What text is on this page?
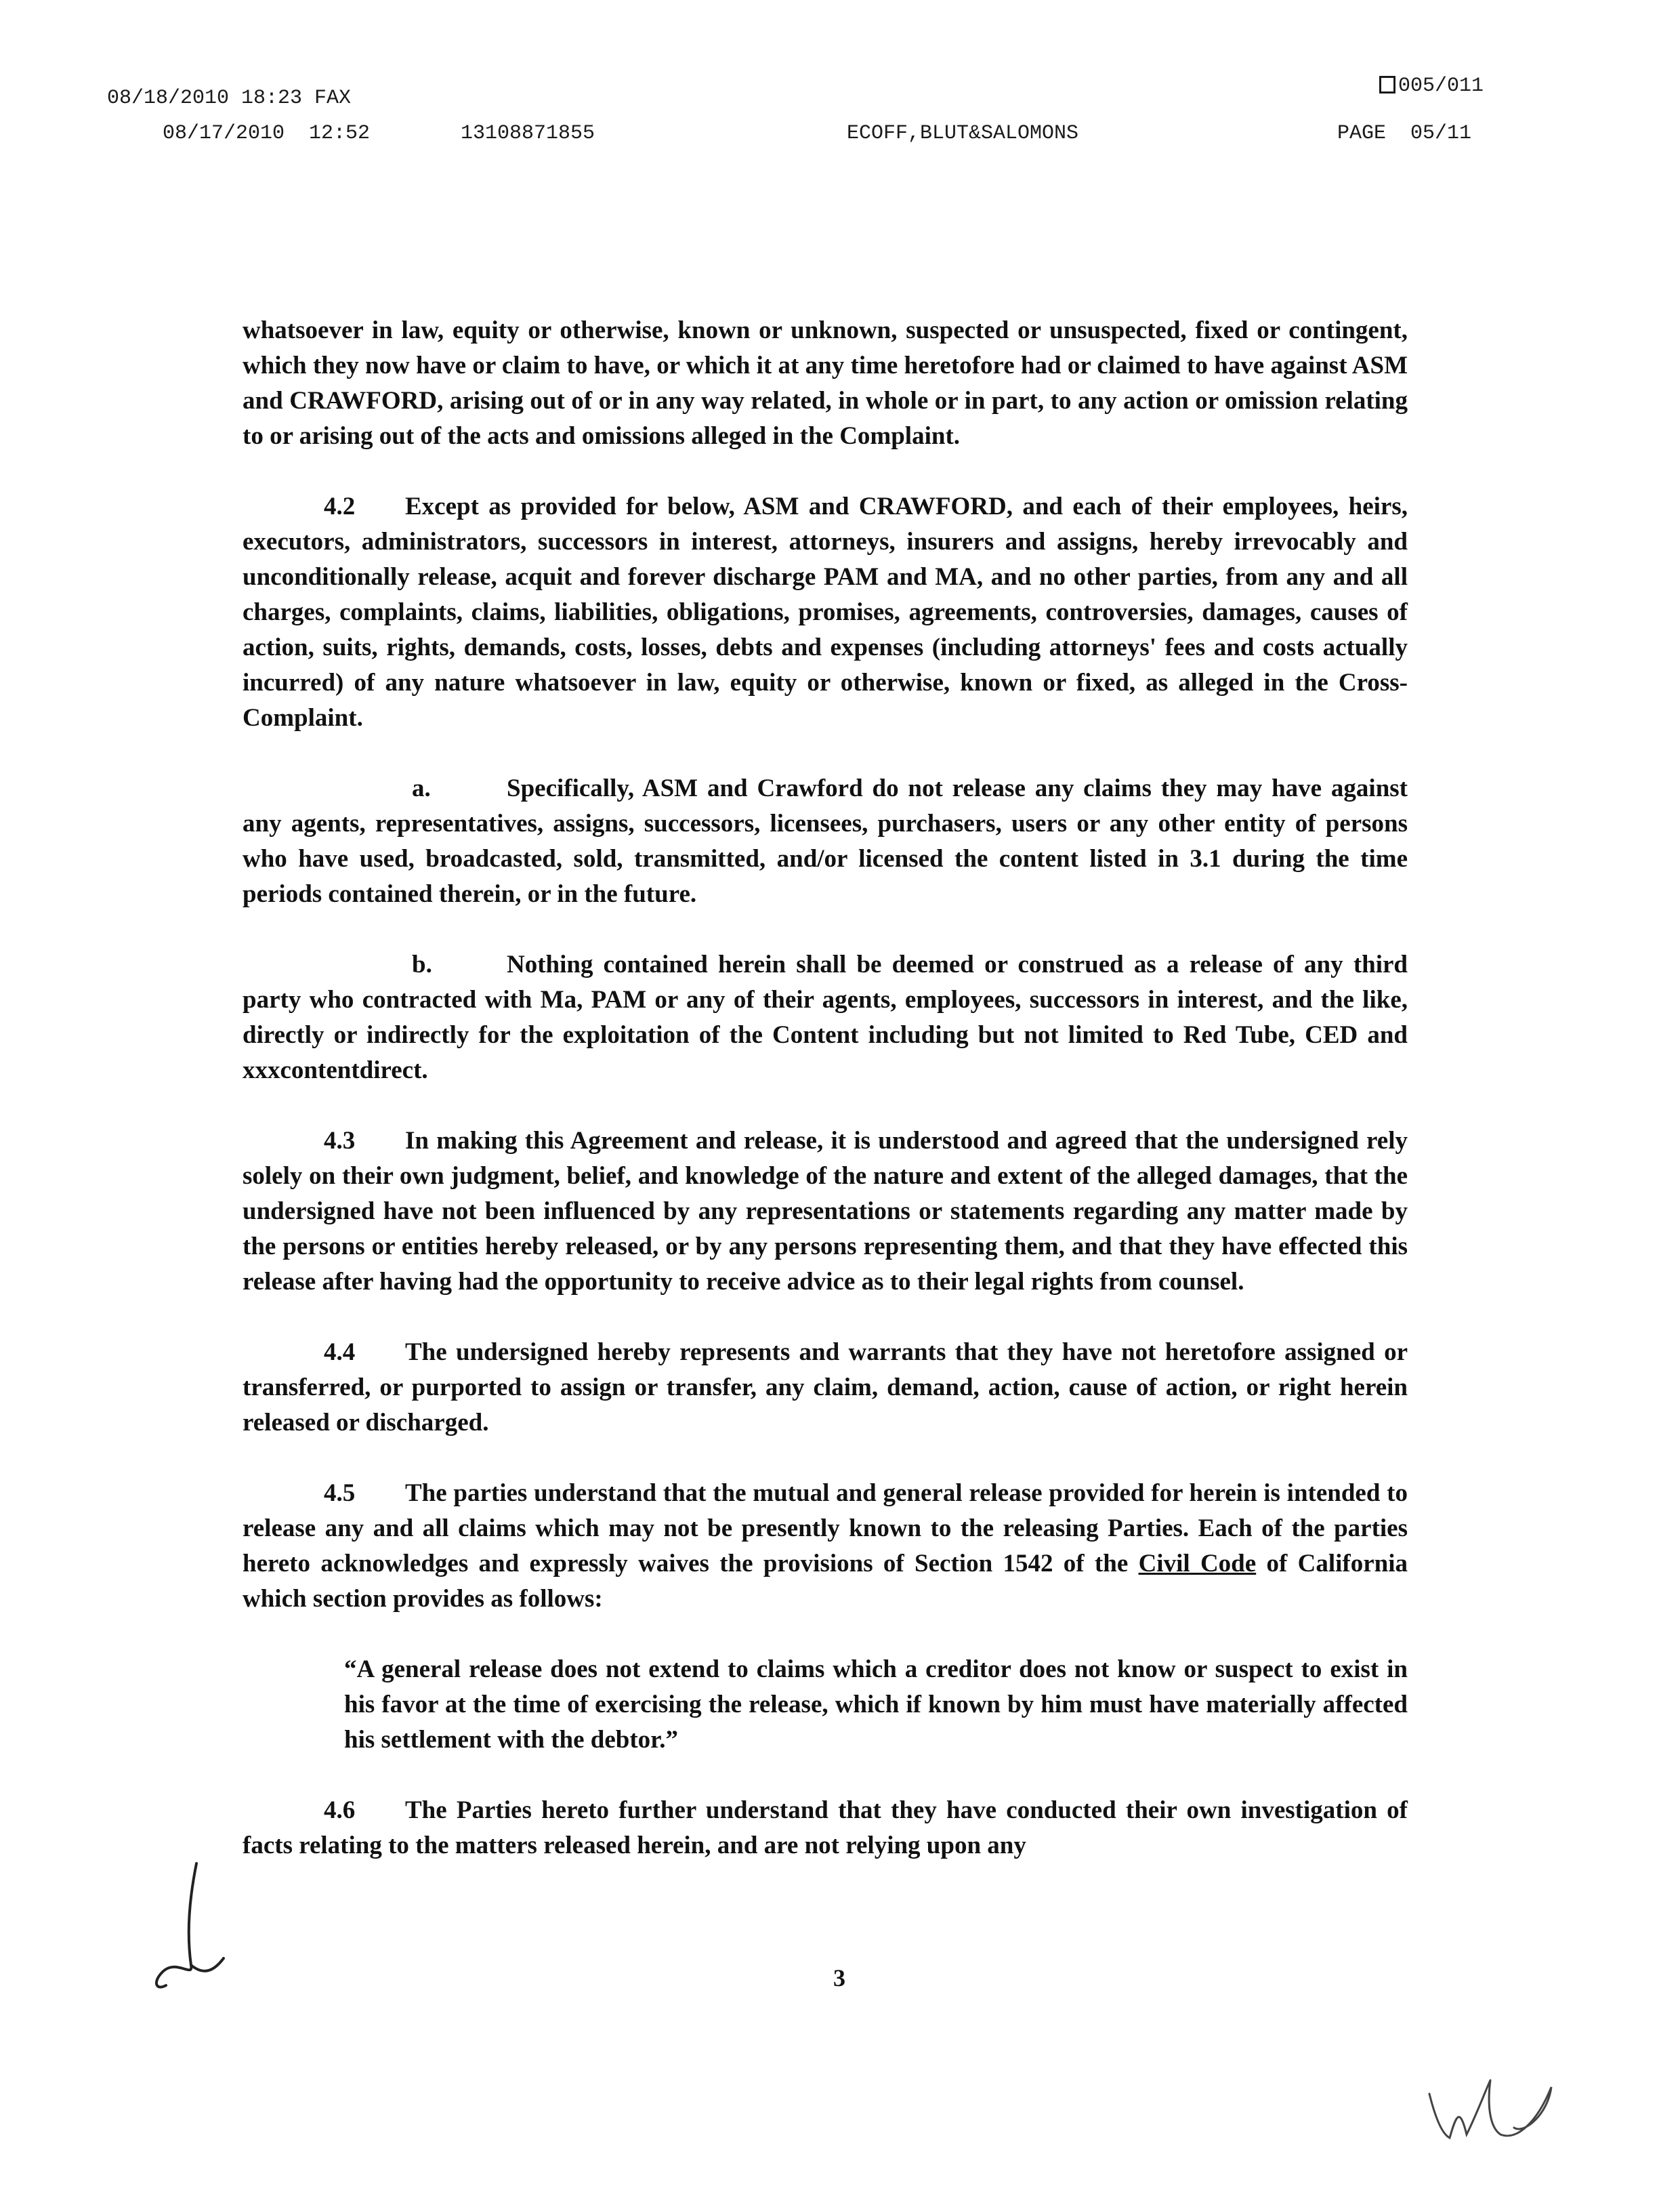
08/18/2010 18:23 FAX
005/011
08/17/2010  12:52	13108871855	ECOFF,BLUT&SALOMONS	PAGE  05/11

whatsoever in law, equity or otherwise, known or unknown, suspected or unsuspected, fixed or contingent, which they now have or claim to have, or which it at any time heretofore had or claimed to have against ASM and CRAWFORD, arising out of or in any way related, in whole or in part, to any action or omission relating to or arising out of the acts and omissions alleged in the Complaint.

4.2 Except as provided for below, ASM and CRAWFORD, and each of their employees, heirs, executors, administrators, successors in interest, attorneys, insurers and assigns, hereby irrevocably and unconditionally release, acquit and forever discharge PAM and MA, and no other parties, from any and all charges, complaints, claims, liabilities, obligations, promises, agreements, controversies, damages, causes of action, suits, rights, demands, costs, losses, debts and expenses (including attorneys' fees and costs actually incurred) of any nature whatsoever in law, equity or otherwise, known or fixed, as alleged in the Cross-Complaint.

a.	Specifically, ASM and Crawford do not release any claims they may have against any agents, representatives, assigns, successors, licensees, purchasers, users or any other entity of persons who have used, broadcasted, sold, transmitted, and/or licensed the content listed in 3.1 during the time periods contained therein, or in the future.

b.	Nothing contained herein shall be deemed or construed as a release of any third party who contracted with Ma, PAM or any of their agents, employees, successors in interest, and the like, directly or indirectly for the exploitation of the Content including but not limited to Red Tube, CED and xxxcontentdirect.

4.3 In making this Agreement and release, it is understood and agreed that the undersigned rely solely on their own judgment, belief, and knowledge of the nature and extent of the alleged damages, that the undersigned have not been influenced by any representations or statements regarding any matter made by the persons or entities hereby released, or by any persons representing them, and that they have effected this release after having had the opportunity to receive advice as to their legal rights from counsel.

4.4 The undersigned hereby represents and warrants that they have not heretofore assigned or transferred, or purported to assign or transfer, any claim, demand, action, cause of action, or right herein released or discharged.

4.5 The parties understand that the mutual and general release provided for herein is intended to release any and all claims which may not be presently known to the releasing Parties. Each of the parties hereto acknowledges and expressly waives the provisions of Section 1542 of the Civil Code of California which section provides as follows:

“A general release does not extend to claims which a creditor does not know or suspect to exist in his favor at the time of exercising the release, which if known by him must have materially affected his settlement with the debtor.”

4.6 The Parties hereto further understand that they have conducted their own investigation of facts relating to the matters released herein, and are not relying upon any

3
